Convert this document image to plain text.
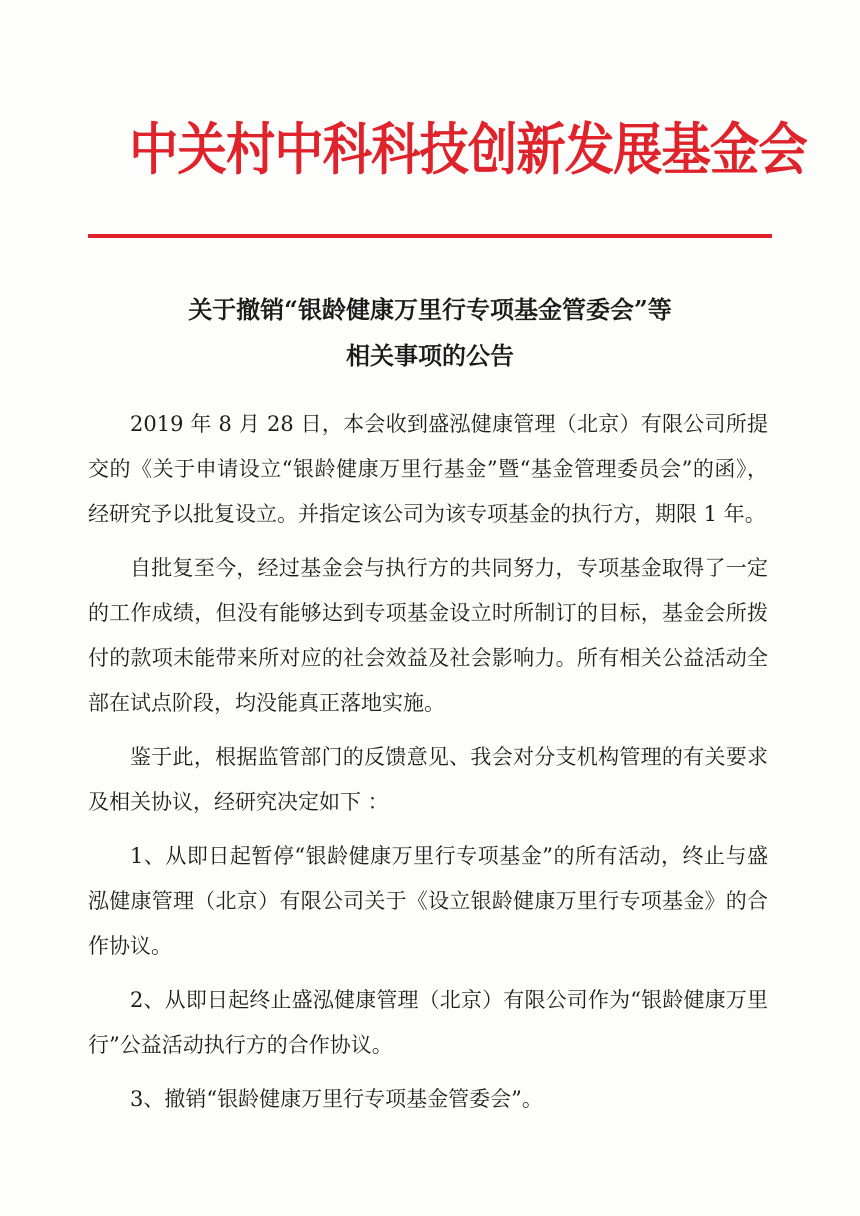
中关村中科科技创新发展基金会
关于撤销“银龄健康万里行专项基金管委会”等
相关事项的公告

2019 年 8 月 28 日，本会收到盛泓健康管理（北京）有限公司所提交的《关于申请设立“银龄健康万里行基金”暨“基金管理委员会”的函》，经研究予以批复设立。并指定该公司为该专项基金的执行方，期限 1 年。

自批复至今，经过基金会与执行方的共同努力，专项基金取得了一定的工作成绩，但没有能够达到专项基金设立时所制订的目标，基金会所拨付的款项未能带来所对应的社会效益及社会影响力。所有相关公益活动全部在试点阶段，均没能真正落地实施。

鉴于此，根据监管部门的反馈意见、我会对分支机构管理的有关要求及相关协议，经研究决定如下 ：

1、从即日起暂停“银龄健康万里行专项基金”的所有活动，终止与盛泓健康管理（北京）有限公司关于《设立银龄健康万里行专项基金》的合作协议。

2、从即日起终止盛泓健康管理（北京）有限公司作为“银龄健康万里行”公益活动执行方的合作协议。

3、撤销“银龄健康万里行专项基金管委会”。
